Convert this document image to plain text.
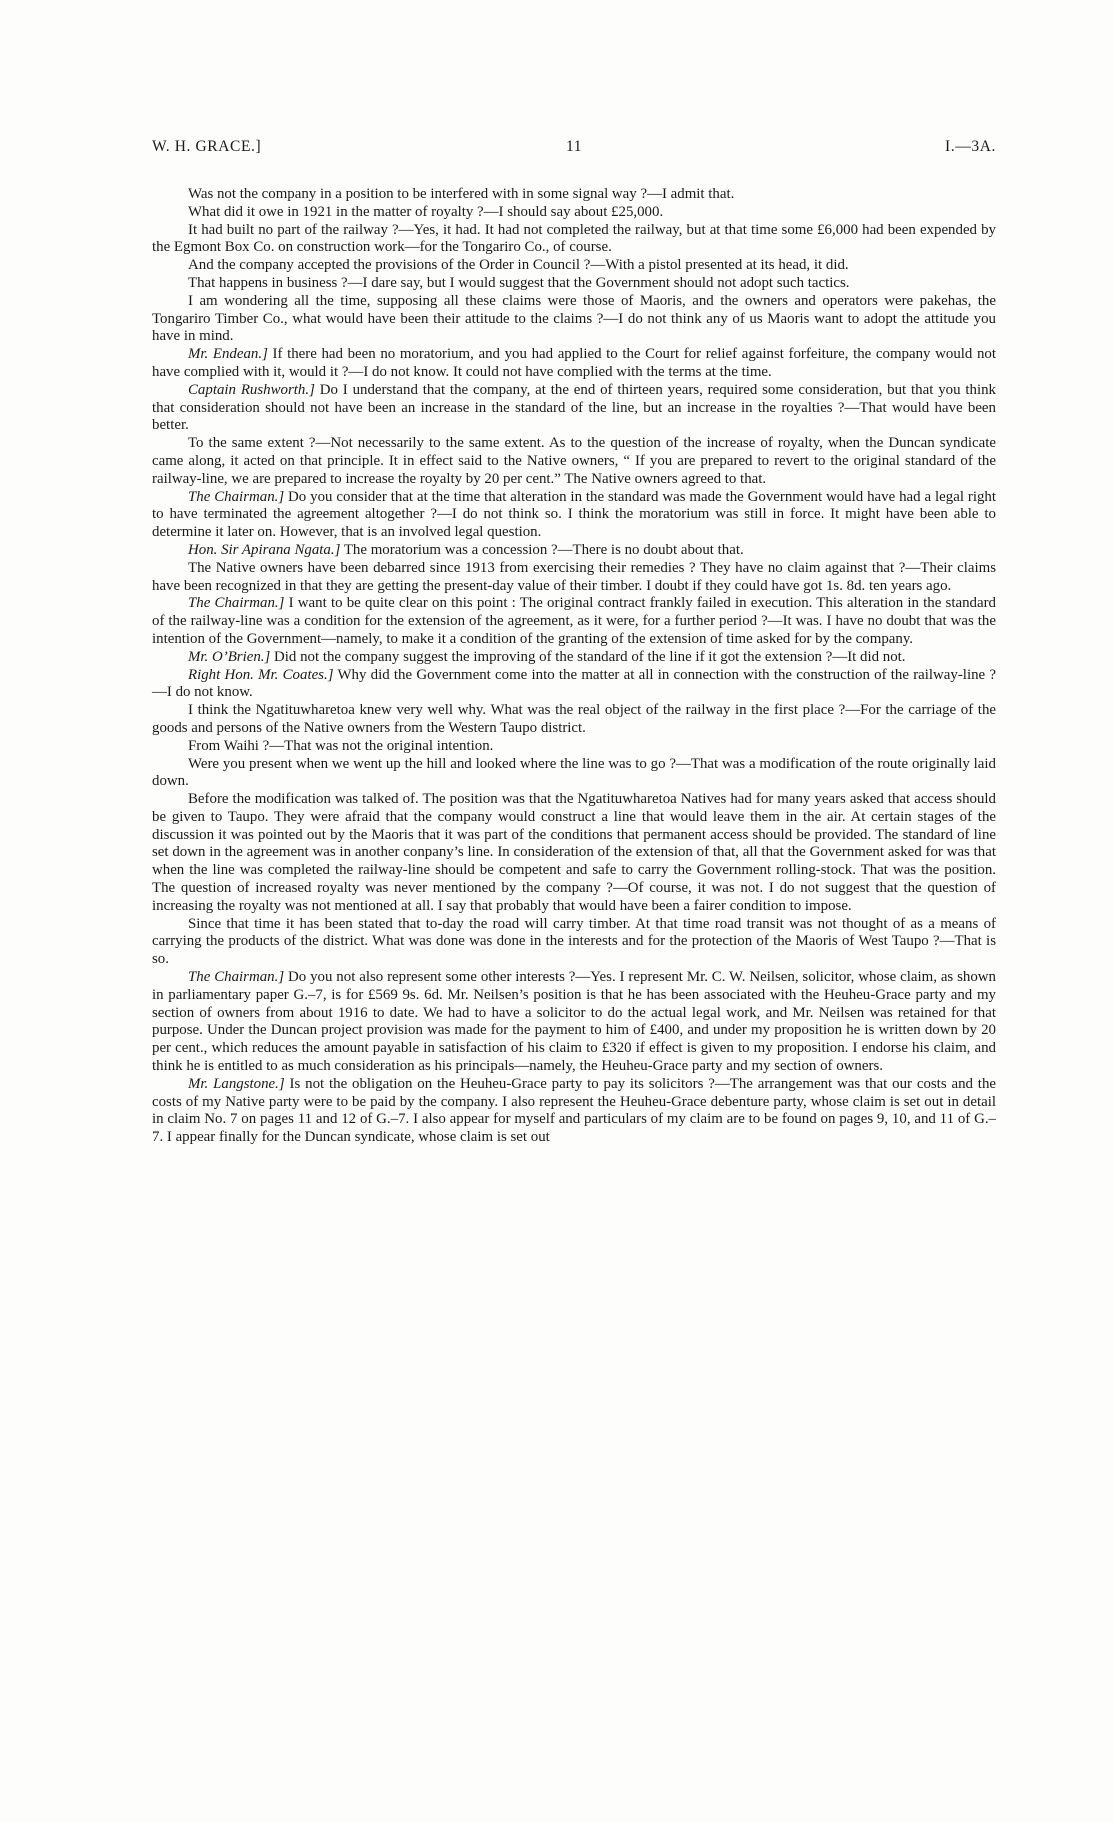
W. H. GRACE.]	11	I.—3A.

Was not the company in a position to be interfered with in some signal way ?—I admit that.

What did it owe in 1921 in the matter of royalty ?—I should say about £25,000.

It had built no part of the railway ?—Yes, it had. It had not completed the railway, but at that time some £6,000 had been expended by the Egmont Box Co. on construction work—for the Tongariro Co., of course.

And the company accepted the provisions of the Order in Council ?—With a pistol presented at its head, it did.

That happens in business ?—I dare say, but I would suggest that the Government should not adopt such tactics.

I am wondering all the time, supposing all these claims were those of Maoris, and the owners and operators were pakehas, the Tongariro Timber Co., what would have been their attitude to the claims ?—I do not think any of us Maoris want to adopt the attitude you have in mind.

Mr. Endean.] If there had been no moratorium, and you had applied to the Court for relief against forfeiture, the company would not have complied with it, would it ?—I do not know. It could not have complied with the terms at the time.

Captain Rushworth.] Do I understand that the company, at the end of thirteen years, required some consideration, but that you think that consideration should not have been an increase in the standard of the line, but an increase in the royalties ?—That would have been better.

To the same extent ?—Not necessarily to the same extent. As to the question of the increase of royalty, when the Duncan syndicate came along, it acted on that principle. It in effect said to the Native owners, “ If you are prepared to revert to the original standard of the railway-line, we are prepared to increase the royalty by 20 per cent.” The Native owners agreed to that.

The Chairman.] Do you consider that at the time that alteration in the standard was made the Government would have had a legal right to have terminated the agreement altogether ?—I do not think so. I think the moratorium was still in force. It might have been able to determine it later on. However, that is an involved legal question.

Hon. Sir Apirana Ngata.] The moratorium was a concession ?—There is no doubt about that.

The Native owners have been debarred since 1913 from exercising their remedies ? They have no claim against that ?—Their claims have been recognized in that they are getting the present-day value of their timber. I doubt if they could have got 1s. 8d. ten years ago.

The Chairman.] I want to be quite clear on this point : The original contract frankly failed in execution. This alteration in the standard of the railway-line was a condition for the extension of the agreement, as it were, for a further period ?—It was. I have no doubt that was the intention of the Government—namely, to make it a condition of the granting of the extension of time asked for by the company.

Mr. O’Brien.] Did not the company suggest the improving of the standard of the line if it got the extension ?—It did not.

Right Hon. Mr. Coates.] Why did the Government come into the matter at all in connection with the construction of the railway-line ?—I do not know.

I think the Ngatituwharetoa knew very well why. What was the real object of the railway in the first place ?—For the carriage of the goods and persons of the Native owners from the Western Taupo district.

From Waihi ?—That was not the original intention.

Were you present when we went up the hill and looked where the line was to go ?—That was a modification of the route originally laid down.

Before the modification was talked of. The position was that the Ngatituwharetoa Natives had for many years asked that access should be given to Taupo. They were afraid that the company would construct a line that would leave them in the air. At certain stages of the discussion it was pointed out by the Maoris that it was part of the conditions that permanent access should be provided. The standard of line set down in the agreement was in another conpany’s line. In consideration of the extension of that, all that the Government asked for was that when the line was completed the railway-line should be competent and safe to carry the Government rolling-stock. That was the position. The question of increased royalty was never mentioned by the company ?—Of course, it was not. I do not suggest that the question of increasing the royalty was not mentioned at all. I say that probably that would have been a fairer condition to impose.

Since that time it has been stated that to-day the road will carry timber. At that time road transit was not thought of as a means of carrying the products of the district. What was done was done in the interests and for the protection of the Maoris of West Taupo ?—That is so.

The Chairman.] Do you not also represent some other interests ?—Yes. I represent Mr. C. W. Neilsen, solicitor, whose claim, as shown in parliamentary paper G.–7, is for £569 9s. 6d. Mr. Neilsen’s position is that he has been associated with the Heuheu-Grace party and my section of owners from about 1916 to date. We had to have a solicitor to do the actual legal work, and Mr. Neilsen was retained for that purpose. Under the Duncan project provision was made for the payment to him of £400, and under my proposition he is written down by 20 per cent., which reduces the amount payable in satisfaction of his claim to £320 if effect is given to my proposition. I endorse his claim, and think he is entitled to as much consideration as his principals—namely, the Heuheu-Grace party and my section of owners.

Mr. Langstone.] Is not the obligation on the Heuheu-Grace party to pay its solicitors ?—The arrangement was that our costs and the costs of my Native party were to be paid by the company. I also represent the Heuheu-Grace debenture party, whose claim is set out in detail in claim No. 7 on pages 11 and 12 of G.–7. I also appear for myself and particulars of my claim are to be found on pages 9, 10, and 11 of G.–7. I appear finally for the Duncan syndicate, whose claim is set out
